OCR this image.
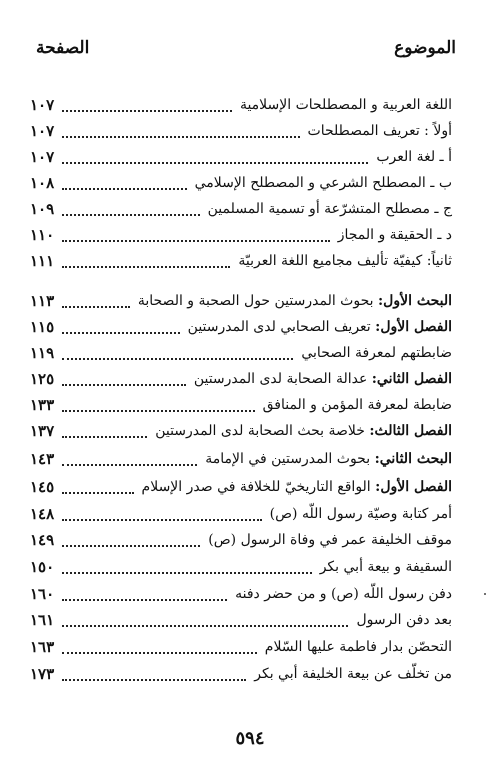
الموضوع
الصفحة
اللغة العربية و المصطلحات الإسلامية
١٠٧
أولاً : تعريف المصطلحات
١٠٧
أ ـ لغة العرب
١٠٧
ب ـ المصطلح الشرعي و المصطلح الإسلامي
١٠٨
ج ـ مصطلح المتشرّعة أو تسمية المسلمين
١٠٩
د ـ الحقيقة و المجاز
١١٠
ثانياً: كيفيّة تأليف مجاميع اللغة العربيّة
١١١
البحث الأول: بحوث المدرستين حول الصحبة و الصحابة
١١٣
الفصل الأول: تعريف الصحابي لدى المدرستين
١١٥
ضابطتهم لمعرفة الصحابي
١١٩
الفصل الثاني: عدالة الصحابة لدى المدرستين
١٢٥
ضابطة لمعرفة المؤمن و المنافق
١٣٣
الفصل الثالث: خلاصة بحث الصحابة لدى المدرستين
١٣٧
البحث الثاني: بحوث المدرستين في الإمامة
١٤٣
الفصل الأول: الواقع التاريخيّ للخلافة في صدر الإسلام
١٤٥
أمر كتابة وصيّة رسول اللّه (ص)
١٤٨
موقف الخليفة عمر في وفاة الرسول (ص)
١٤٩
السقيفة و بيعة أبي بكر
١٥٠
دفن رسول اللّه (ص) و من حضر دفنه
١٦٠
بعد دفن الرسول
١٦١
التحصّن بدار فاطمة عليها السّلام
١٦٣
من تخلّف عن بيعة الخليفة أبي بكر
١٧٣
٥٩٤
